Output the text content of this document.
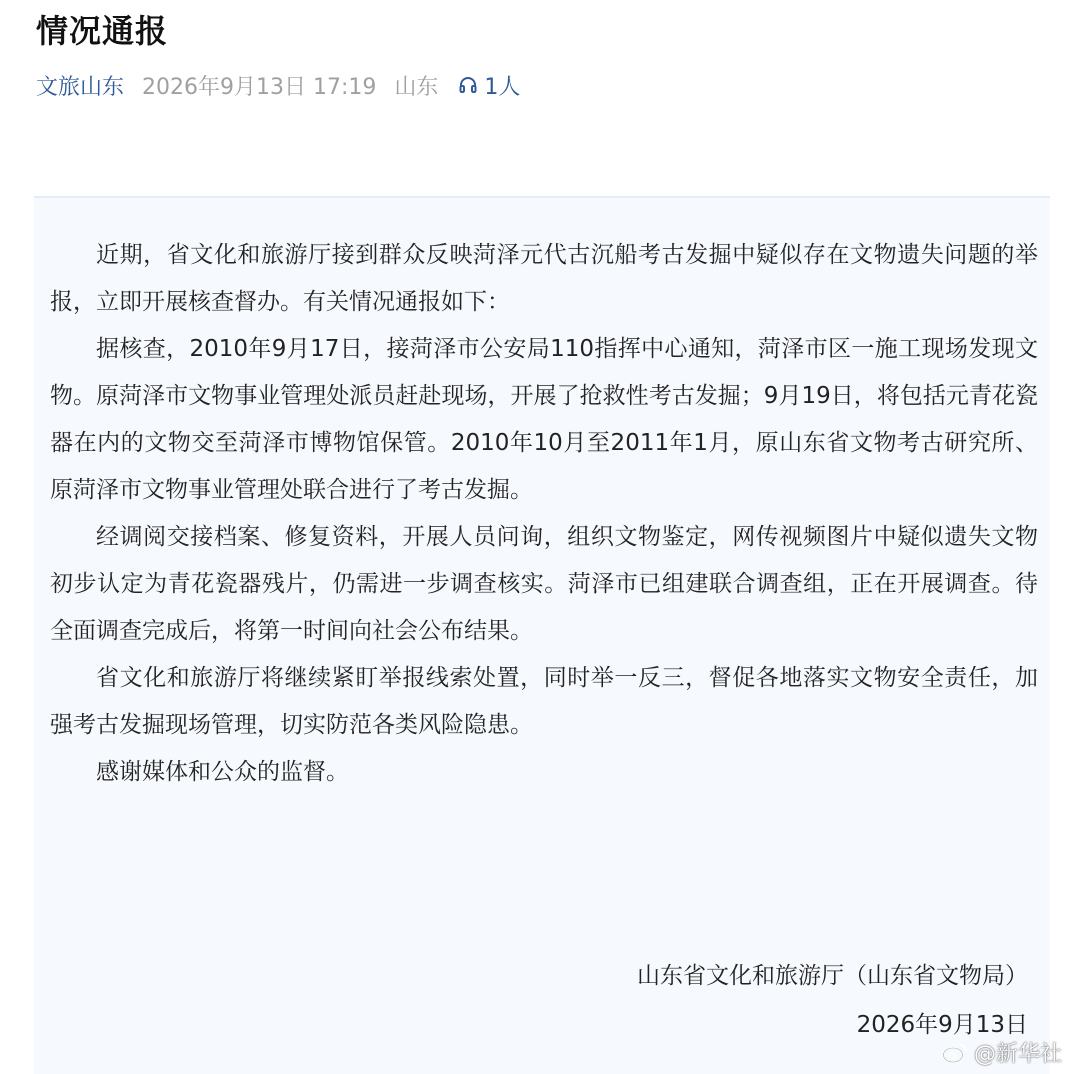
情况通报
文旅山东 2026年9月13日 17:19 山东 1人

近期，省文化和旅游厅接到群众反映菏泽元代古沉船考古发掘中疑似存在文物遗失问题的举报，立即开展核查督办。有关情况通报如下：

据核查，2010年9月17日，接菏泽市公安局110指挥中心通知，菏泽市区一施工现场发现文物。原菏泽市文物事业管理处派员赶赴现场，开展了抢救性考古发掘；9月19日，将包括元青花瓷器在内的文物交至菏泽市博物馆保管。2010年10月至2011年1月，原山东省文物考古研究所、原菏泽市文物事业管理处联合进行了考古发掘。

经调阅交接档案、修复资料，开展人员问询，组织文物鉴定，网传视频图片中疑似遗失文物初步认定为青花瓷器残片，仍需进一步调查核实。菏泽市已组建联合调查组，正在开展调查。待全面调查完成后，将第一时间向社会公布结果。

省文化和旅游厅将继续紧盯举报线索处置，同时举一反三，督促各地落实文物安全责任，加强考古发掘现场管理，切实防范各类风险隐患。

感谢媒体和公众的监督。

山东省文化和旅游厅（山东省文物局）
2026年9月13日
@新华社
